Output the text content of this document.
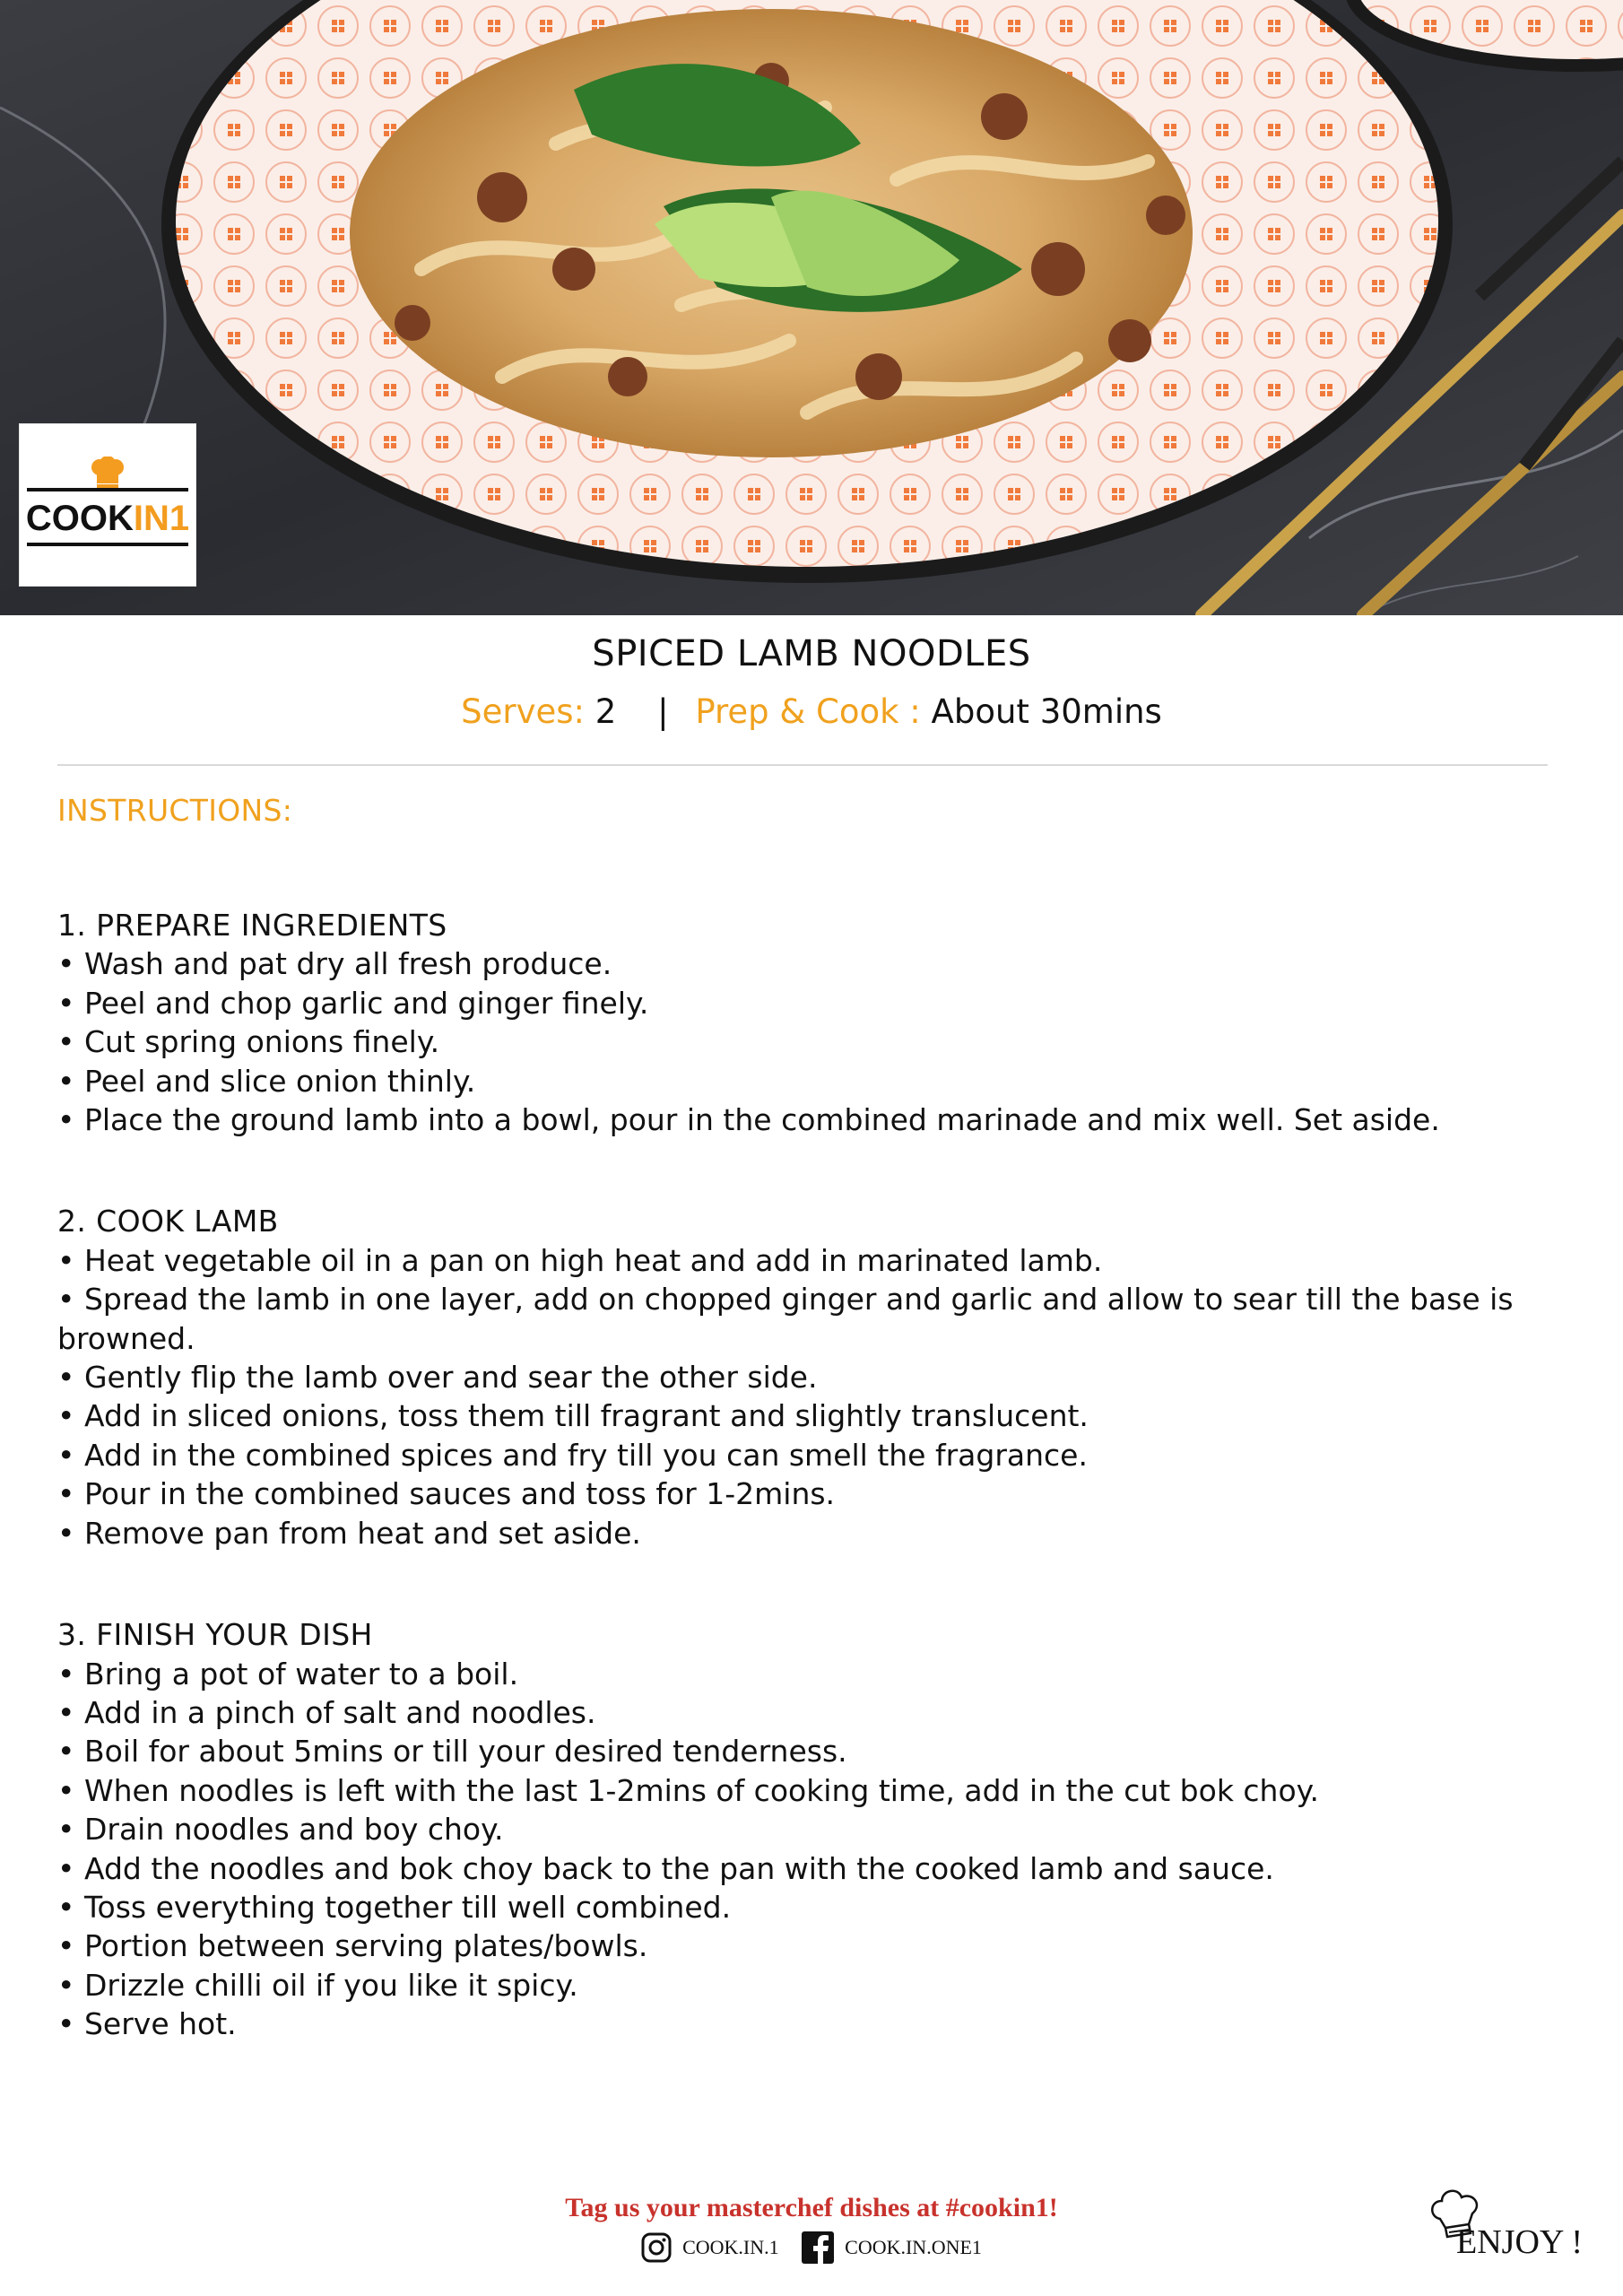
COOKIN1
SPICED LAMB NOODLES
Serves: 2 | Prep & Cook : About 30mins
INSTRUCTIONS:
1. PREPARE INGREDIENTS
• Wash and pat dry all fresh produce.
• Peel and chop garlic and ginger finely.
• Cut spring onions finely.
• Peel and slice onion thinly.
• Place the ground lamb into a bowl, pour in the combined marinade and mix well. Set aside.
2. COOK LAMB
• Heat vegetable oil in a pan on high heat and add in marinated lamb.
• Spread the lamb in one layer, add on chopped ginger and garlic and allow to sear till the base is browned.
• Gently flip the lamb over and sear the other side.
• Add in sliced onions, toss them till fragrant and slightly translucent.
• Add in the combined spices and fry till you can smell the fragrance.
• Pour in the combined sauces and toss for 1-2mins.
• Remove pan from heat and set aside.
3. FINISH YOUR DISH
• Bring a pot of water to a boil.
• Add in a pinch of salt and noodles.
• Boil for about 5mins or till your desired tenderness.
• When noodles is left with the last 1-2mins of cooking time, add in the cut bok choy.
• Drain noodles and boy choy.
• Add the noodles and bok choy back to the pan with the cooked lamb and sauce.
• Toss everything together till well combined.
• Portion between serving plates/bowls.
• Drizzle chilli oil if you like it spicy.
• Serve hot.
Tag us your masterchef dishes at #cookin1!
COOK.IN.1
	COOK.IN.ONE1	ENJOY !
